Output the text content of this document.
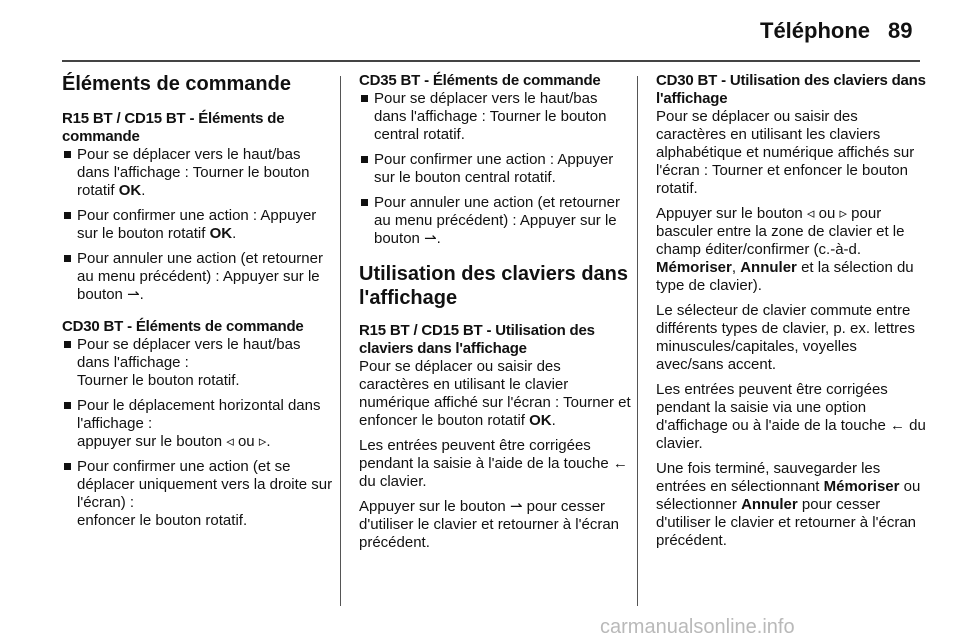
Téléphone 89
Éléments de commande
R15 BT / CD15 BT - Éléments de commande
Pour se déplacer vers le haut/bas dans l'affichage : Tourner le bouton rotatif OK.
Pour confirmer une action : Appuyer sur le bouton rotatif OK.
Pour annuler une action (et retourner au menu précédent) : Appuyer sur le bouton ⇀.
CD30 BT - Éléments de commande
Pour se déplacer vers le haut/bas dans l'affichage :
Tourner le bouton rotatif.
Pour le déplacement horizontal dans l'affichage :
appuyer sur le bouton ◃ ou ▹.
Pour confirmer une action (et se déplacer uniquement vers la droite sur l'écran) :
enfoncer le bouton rotatif.
CD35 BT - Éléments de commande
Pour se déplacer vers le haut/bas dans l'affichage : Tourner le bouton central rotatif.
Pour confirmer une action : Appuyer sur le bouton central rotatif.
Pour annuler une action (et retourner au menu précédent) : Appuyer sur le bouton ⇀.
Utilisation des claviers dans l'affichage
R15 BT / CD15 BT - Utilisation des claviers dans l'affichage

Pour se déplacer ou saisir des caractères en utilisant le clavier numérique affiché sur l'écran : Tourner et enfoncer le bouton rotatif OK.

Les entrées peuvent être corrigées pendant la saisie à l'aide de la touche ← du clavier.

Appuyer sur le bouton ⇀ pour cesser d'utiliser le clavier et retourner à l'écran précédent.

CD30 BT - Utilisation des claviers dans l'affichage

Pour se déplacer ou saisir des caractères en utilisant les claviers alphabétique et numérique affichés sur l'écran : Tourner et enfoncer le bouton rotatif.

Appuyer sur le bouton ◃ ou ▹ pour basculer entre la zone de clavier et le champ éditer/confirmer (c.-à-d.
Mémoriser, Annuler et la sélection du type de clavier).

Le sélecteur de clavier commute entre différents types de clavier, p. ex. lettres minuscules/capitales, voyelles avec/sans accent.

Les entrées peuvent être corrigées pendant la saisie via une option d'affichage ou à l'aide de la touche ← du clavier.

Une fois terminé, sauvegarder les entrées en sélectionnant Mémoriser ou sélectionner Annuler pour cesser d'utiliser le clavier et retourner à l'écran précédent.

carmanualsonline.info
